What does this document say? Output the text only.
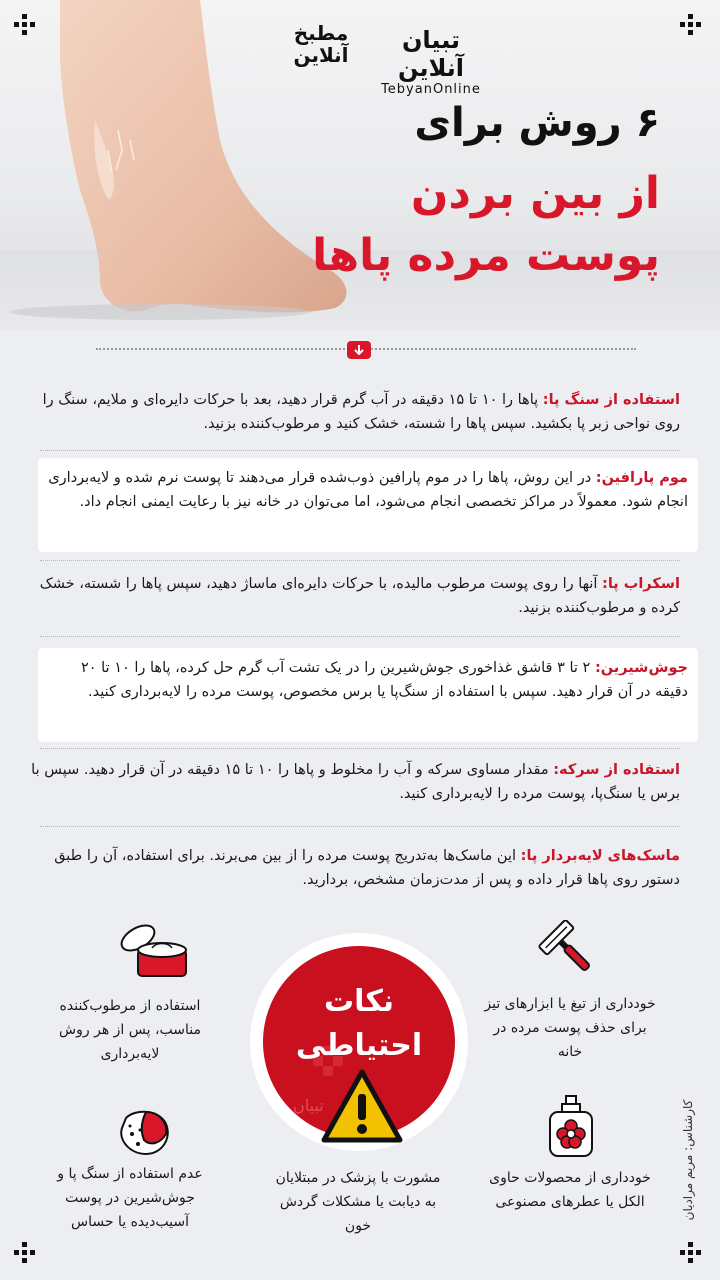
تبیان آنلاین
TebyanOnline
مطبخ
آنلاین
۶ روش برای
از بین بردن
پوست مرده پاها
استفاده از سنگ پا: پاها را ۱۰ تا ۱۵ دقیقه در آب گرم قرار دهید، بعد با حرکات دایره‌ای و ملایم، سنگ را روی نواحی زبر پا بکشید. سپس پاها را شسته، خشک کنید و مرطوب‌کننده بزنید.
موم پارافین: در این روش، پاها را در موم پارافین ذوب‌شده قرار می‌دهند تا پوست نرم شده و لایه‌برداری انجام شود. معمولاً در مراکز تخصصی انجام می‌شود، اما می‌توان در خانه نیز با رعایت ایمنی انجام داد.
اسکراب پا: آنها را روی پوست مرطوب مالیده، با حرکات دایره‌ای ماساژ دهید، سپس پاها را شسته، خشک کرده و مرطوب‌کننده بزنید.
جوش‌شیرین: ۲ تا ۳ قاشق غذاخوری جوش‌شیرین را در یک تشت آب گرم حل کرده، پاها را ۱۰ تا ۲۰ دقیقه در آن قرار دهید. سپس با استفاده از سنگ‌پا یا برس مخصوص، پوست مرده را لایه‌برداری کنید.
استفاده از سرکه: مقدار مساوی سرکه و آب را مخلوط و پاها را ۱۰ تا ۱۵ دقیقه در آن قرار دهید. سپس با برس یا سنگ‌پا، پوست مرده را لایه‌برداری کنید.
ماسک‌های لایه‌بردار پا: این ماسک‌ها به‌تدریج پوست مرده را از بین می‌برند. برای استفاده، آن را طبق دستور روی پاها قرار داده و پس از مدت‌زمان مشخص، بردارید.
تبیان
نکات
احتیاطی
خودداری از تیغ یا ابزارهای تیز برای حذف پوست مرده در خانه
استفاده از مرطوب‌کننده مناسب، پس از هر روش لایه‌برداری
خودداری از محصولات حاوی الکل یا عطرهای مصنوعی
عدم استفاده از سنگ پا و جوش‌شیرین در پوست آسیب‌دیده یا حساس
مشورت با پزشک در مبتلایان به دیابت یا مشکلات گردش خون
کارشناس: مریم مرادیان
